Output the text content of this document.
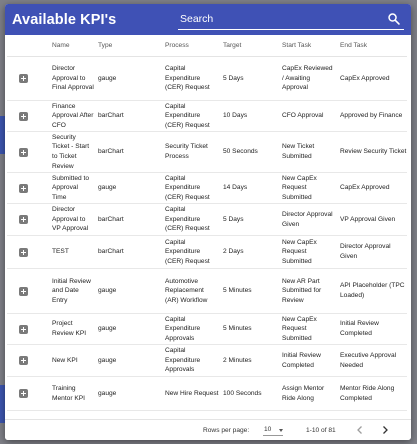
Available KPI's
Search
	Name	Type	Process	Target	Start Task	End Task

	Director Approval to Final Approval	gauge	Capital Expenditure (CER) Request	5 Days	CapEx Reviewed / Awaiting Approval	CapEx Approved

	Finance Approval After CFO	barChart	Capital Expenditure (CER) Request	10 Days	CFO Approval	Approved by Finance

	Security Ticket - Start to Ticket Review	barChart	Security Ticket Process	50 Seconds	New Ticket Submitted	Review Security Ticket

	Submitted to Approval Time	gauge	Capital Expenditure (CER) Request	14 Days	New CapEx Request Submitted	CapEx Approved

	Director Approval to VP Approval	barChart	Capital Expenditure (CER) Request	5 Days	Director Approval Given	VP Approval Given

	TEST	barChart	Capital Expenditure (CER) Request	2 Days	New CapEx Request Submitted	Director Approval Given

	Initial Review and Date Entry	gauge	Automotive Replacement (AR) Workflow	5 Minutes	New AR Part Submitted for Review	API Placeholder (TPC Loaded)

	Project Review KPI	gauge	Capital Expenditure Approvals	5 Minutes	New CapEx Request Submitted	Initial Review Completed

	New KPI	gauge	Capital Expenditure Approvals	2 Minutes	Initial Review Completed	Executive Approval Needed

	Training Mentor KPI	gauge	New Hire Request	100 Seconds	Assign Mentor Ride Along	Mentor Ride Along Completed
Rows per page: 10	1-10 of 81
